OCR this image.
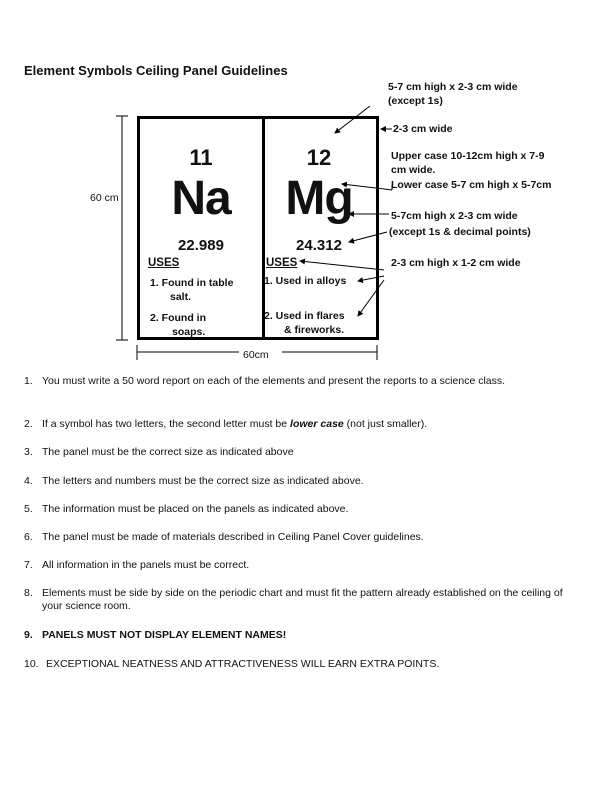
Element Symbols Ceiling Panel Guidelines
5-7 cm high x 2-3 cm wide
(except 1s)
2-3 cm wide
Upper case 10-12cm high x 7-9
cm wide.
Lower case 5-7 cm high x 5-7cm
5-7cm high x 2-3 cm wide
(except 1s & decimal points)
2-3 cm high x 1-2 cm wide
60 cm
60cm
11
Na
22.989
USES
1. Found in table
salt.
2. Found in
soaps.
12
Mg
24.312
USES
1. Used in alloys
2. Used in flares
& fireworks.
1. You must write a 50 word report on each of the elements and present the reports to a science class.
2. If a symbol has two letters, the second letter must be lower case (not just smaller).
3. The panel must be the correct size as indicated above
4. The letters and numbers must be the correct size as indicated above.
5. The information must be placed on the panels as indicated above.
6. The panel must be made of materials described in Ceiling Panel Cover guidelines.
7. All information in the panels must be correct.
8. Elements must be side by side on the periodic chart and must fit the pattern already established on the ceiling of your science room.
9. PANELS MUST NOT DISPLAY ELEMENT NAMES!
10. EXCEPTIONAL NEATNESS AND ATTRACTIVENESS WILL EARN EXTRA POINTS.
